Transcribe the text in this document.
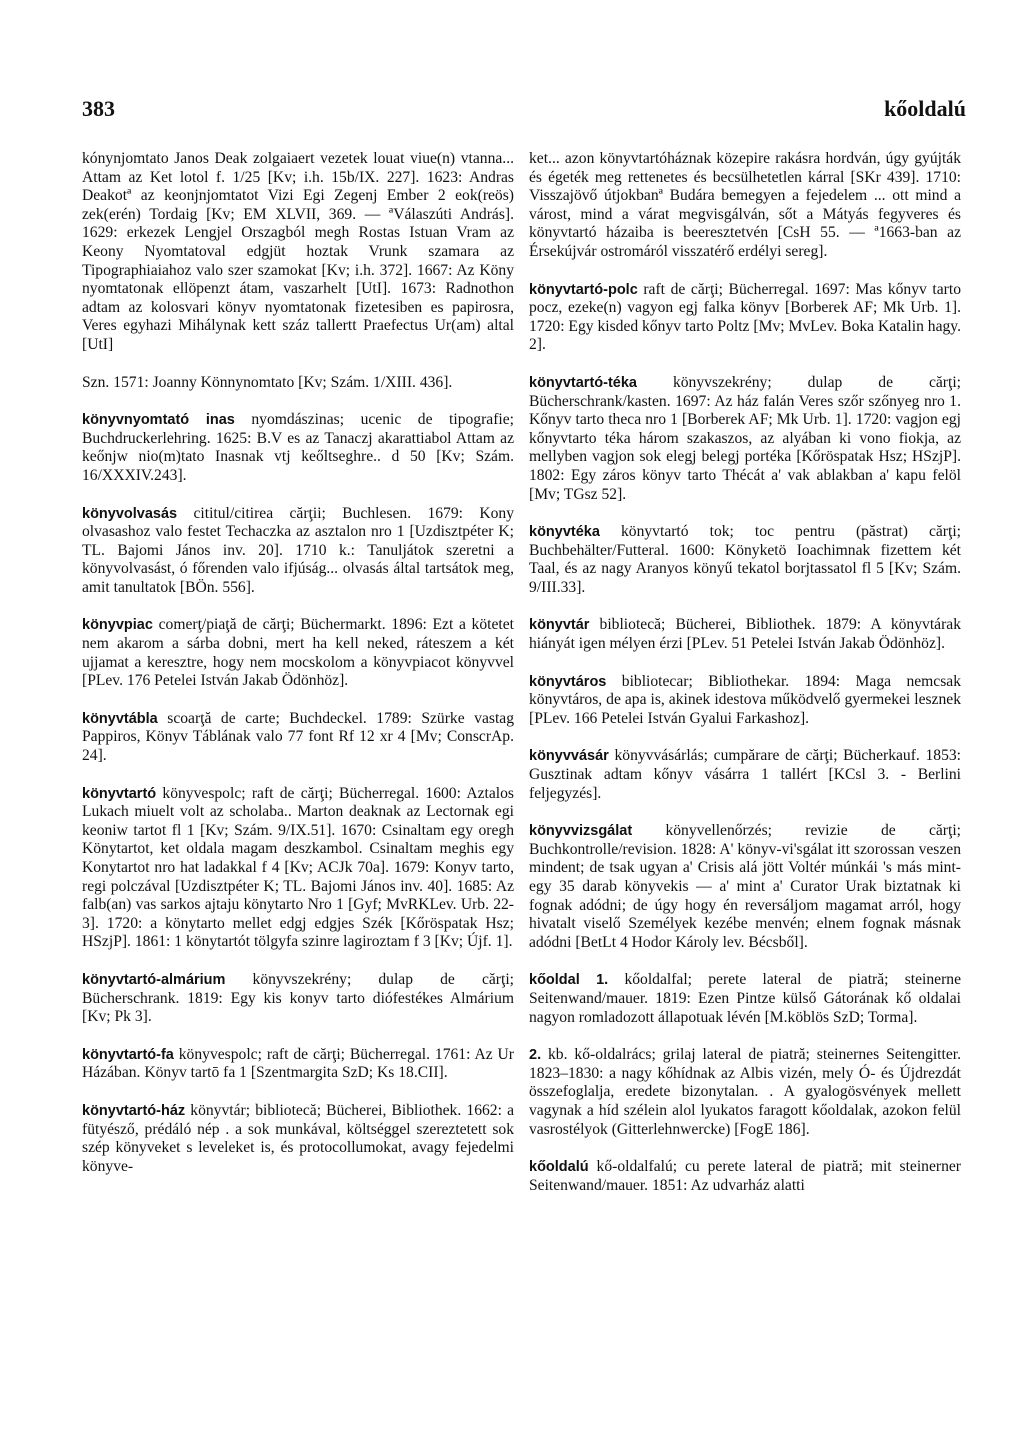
383	kőoldalú

kónynjomtato Janos Deak zolgaiaert vezetek louat viue(n) vtanna... Attam az Ket lotol f. 1/25 [Kv; i.h. 15b/IX. 227]. 1623: Andras Deakotª az keonjnjomtatot Vizi Egi Zegenj Ember 2 eok(reös) zek(erén) Tordaig [Kv; EM XLVII, 369. — ªVálaszúti András]. 1629: erkezek Lengjel Orszagból megh Rostas Istuan Vram az Keony Nyomtatoval edgjüt hoztak Vrunk szamara az Tipographiaiahoz valo szer szamokat [Kv; i.h. 372]. 1667: Az Köny nyomtatonak ellöpenzt átam, vaszarhelt [UtI]. 1673: Radnothon adtam az kolosvari könyv nyomtatonak fizetesiben es papirosra, Veres egyhazi Mihálynak kett száz tallertt Praefectus Ur(am) altal [UtI]

Szn. 1571: Joanny Könnynomtato [Kv; Szám. 1/XIII. 436].

könyvnyomtató inas nyomdászinas; ucenic de tipografie; Buchdruckerlehring. 1625: B.V es az Tanaczj akarattiabol Attam az keőnjw nio(m)tato Inasnak vtj keőltseghre.. d 50 [Kv; Szám. 16/XXXIV.243].

könyvolvasás cititul/citirea cărţii; Buchlesen. 1679: Kony olvasashoz valo festet Techaczka az asztalon nro 1 [Uzdisztpéter K; TL. Bajomi János inv. 20]. 1710 k.: Tanuljátok szeretni a könyvolvasást, ó főrenden valo ifjúság... olvasás által tartsátok meg, amit tanultatok [BÖn. 556].

könyvpiac comerţ/piaţă de cărţi; Büchermarkt. 1896: Ezt a kötetet nem akarom a sárba dobni, mert ha kell neked, ráteszem a két ujjamat a keresztre, hogy nem mocskolom a könyvpiacot könyvvel [PLev. 176 Petelei István Jakab Ödönhöz].

könyvtábla scoarţă de carte; Buchdeckel. 1789: Szürke vastag Pappiros, Könyv Táblának valo 77 font Rf 12 xr 4 [Mv; ConscrAp. 24].

könyvtartó könyvespolc; raft de cărţi; Bücherregal. 1600: Aztalos Lukach miuelt volt az scholaba.. Marton deaknak az Lectornak egi keoniw tartot fl 1 [Kv; Szám. 9/IX.51]. 1670: Csinaltam egy oregh Könytartot, ket oldala magam deszkambol. Csinaltam meghis egy Konytartot nro hat ladakkal f 4 [Kv; ACJk 70a]. 1679: Konyv tarto, regi polczával [Uzdisztpéter K; TL. Bajomi János inv. 40]. 1685: Az falb(an) vas sarkos ajtaju könytarto Nro 1 [Gyf; MvRKLev. Urb. 22-3]. 1720: a könytarto mellet edgj edgjes Szék [Kőröspatak Hsz; HSzjP]. 1861: 1 könytartót tölgyfa szinre lagiroztam f 3 [Kv; Újf. 1].

könyvtartó-almárium könyvszekrény; dulap de cărţi; Bücherschrank. 1819: Egy kis konyv tarto diófestékes Almárium [Kv; Pk 3].

könyvtartó-fa könyvespolc; raft de cărţi; Bücherregal. 1761: Az Ur Házában. Könyv tartō fa 1 [Szentmargita SzD; Ks 18.CII].

könyvtartó-ház könyvtár; bibliotecă; Bücherei, Bibliothek. 1662: a fütyésző, prédáló nép . a sok munkával, költséggel szereztetett sok szép könyveket s leveleket is, és protocollumokat, avagy fejedelmi könyve-

ket... azon könyvtartóháznak közepire rakásra hordván, úgy gyújták és égeték meg rettenetes és becsülhetetlen kárral [SKr 439]. 1710: Visszajövő útjokbanª Budára bemegyen a fejedelem ... ott mind a várost, mind a várat megvisgálván, sőt a Mátyás fegyveres és könyvtartó házaiba is beeresztetvén [CsH 55. — ª1663-ban az Érsekújvár ostromáról visszatérő erdélyi sereg].

könyvtartó-polc raft de cărţi; Bücherregal. 1697: Mas kőnyv tarto pocz, ezeke(n) vagyon egj falka könyv [Borberek AF; Mk Urb. 1]. 1720: Egy kisded kőnyv tarto Poltz [Mv; MvLev. Boka Katalin hagy. 2].

könyvtartó-téka könyvszekrény; dulap de cărţi; Bücherschrank/kasten. 1697: Az ház falán Veres szőr szőnyeg nro 1. Kőnyv tarto theca nro 1 [Borberek AF; Mk Urb. 1]. 1720: vagjon egj kőnyvtarto téka három szakaszos, az alyában ki vono fiokja, az mellyben vagjon sok elegj belegj portéka [Kőröspatak Hsz; HSzjP]. 1802: Egy záros könyv tarto Thécát a' vak ablakban a' kapu felöl [Mv; TGsz 52].

könyvtéka könyvtartó tok; toc pentru (păstrat) cărţi; Buchbehälter/Futteral. 1600: Könyketö Ioachimnak fizettem két Taal, és az nagy Aranyos könyű tekatol borjtassatol fl 5 [Kv; Szám. 9/III.33].

könyvtár bibliotecă; Bücherei, Bibliothek. 1879: A könyvtárak hiányát igen mélyen érzi [PLev. 51 Petelei István Jakab Ödönhöz].

könyvtáros bibliotecar; Bibliothekar. 1894: Maga nemcsak könyvtáros, de apa is, akinek idestova működvelő gyermekei lesznek [PLev. 166 Petelei István Gyalui Farkashoz].

könyvvásár könyvvásárlás; cumpărare de cărţi; Bücherkauf. 1853: Gusztinak adtam kőnyv vásárra 1 tallért [KCsl 3. - Berlini feljegyzés].

könyvvizsgálat könyvellenőrzés; revizie de cărţi; Buchkontrolle/revision. 1828: A' könyv-vi'sgálat itt szorossan veszen mindent; de tsak ugyan a' Crisis alá jött Voltér múnkái 's más mint-egy 35 darab könyvekis — a' mint a' Curator Urak biztatnak ki fognak adódni; de úgy hogy én reversáljom magamat arról, hogy hivatalt viselő Személyek kezébe menvén; elnem fognak másnak adódni [BetLt 4 Hodor Károly lev. Bécsből].

kőoldal 1. kőoldalfal; perete lateral de piatră; steinerne Seitenwand/mauer. 1819: Ezen Pintze külső Gátorának kő oldalai nagyon romladozott állapotuak lévén [M.köblös SzD; Torma].

2. kb. kő-oldalrács; grilaj lateral de piatră; steinernes Seitengitter. 1823–1830: a nagy kőhídnak az Albis vizén, mely Ó- és Újdrezdát összefoglalja, eredete bizonytalan. . A gyalogösvények mellett vagynak a híd szélein alol lyukatos faragott kőoldalak, azokon felül vasrostélyok (Gitterlehnwercke) [FogE 186].

kőoldalú kő-oldalfalú; cu perete lateral de piatră; mit steinerner Seitenwand/mauer. 1851: Az udvarház alatti
